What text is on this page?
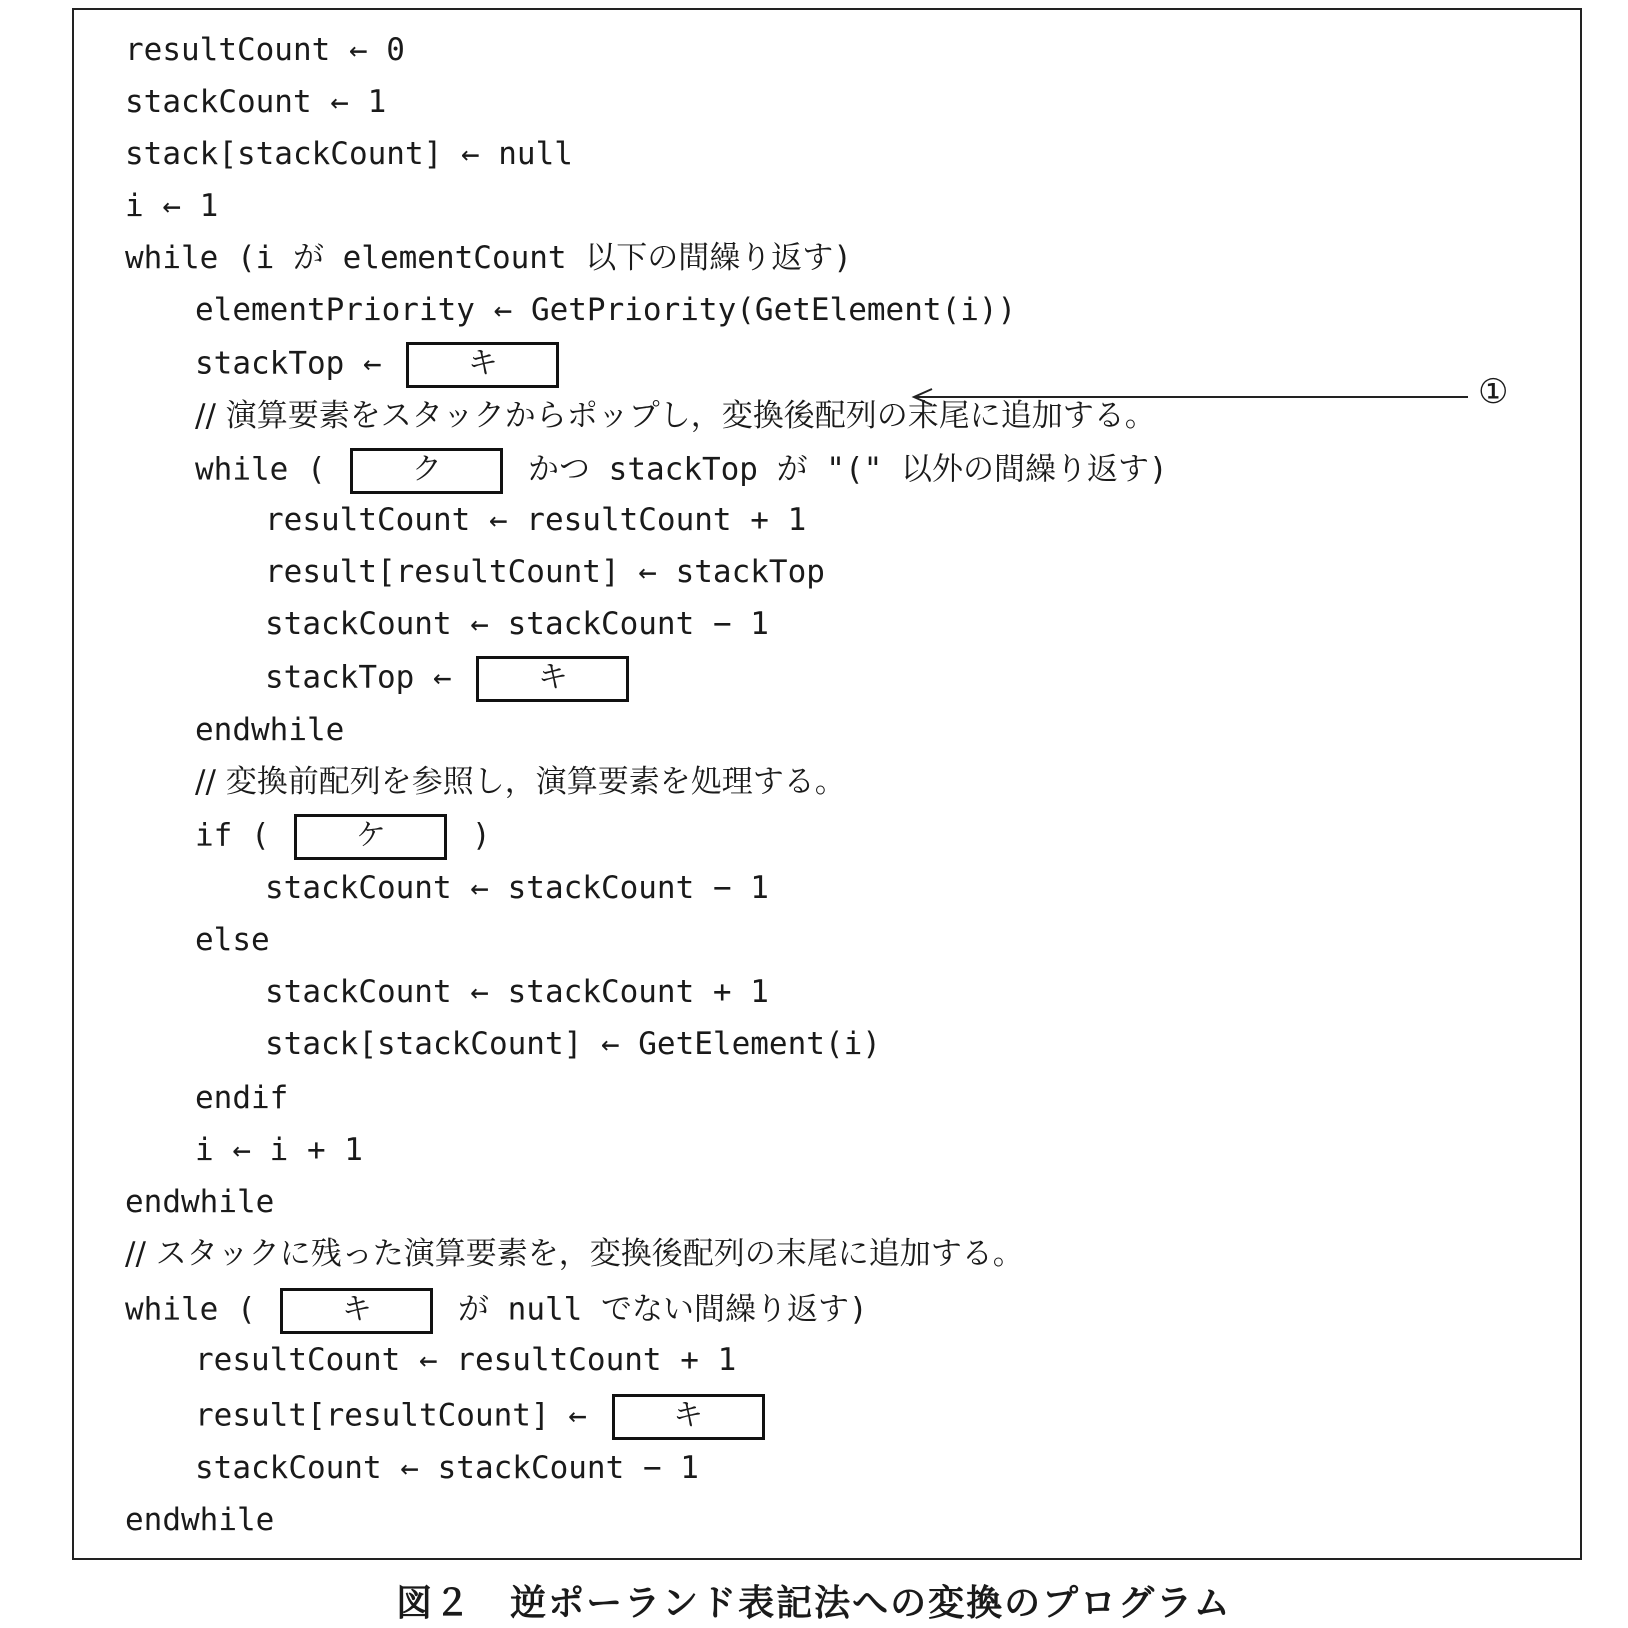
resultCount ← 0
stackCount ← 1
stack[stackCount] ← null
i ← 1
while (i が elementCount 以下の間繰り返す)
elementPriority ← GetPriority(GetElement(i))
stackTop ←	キ
// 演算要素をスタックからポップし，変換後配列の末尾に追加する。
while (	ク	かつ stackTop が "(" 以外の間繰り返す)
resultCount ← resultCount + 1
result[resultCount] ← stackTop
stackCount ← stackCount − 1
stackTop ←	キ
endwhile
// 変換前配列を参照し，演算要素を処理する。
if (	ケ	)
stackCount ← stackCount − 1
else
stackCount ← stackCount + 1
stack[stackCount] ← GetElement(i)
endif
i ← i + 1
endwhile
// スタックに残った演算要素を，変換後配列の末尾に追加する。
while (	キ	が null でない間繰り返す)
resultCount ← resultCount + 1
result[resultCount] ←	キ
stackCount ← stackCount − 1
endwhile
①
図２　逆ポーランド表記法への変換のプログラム
